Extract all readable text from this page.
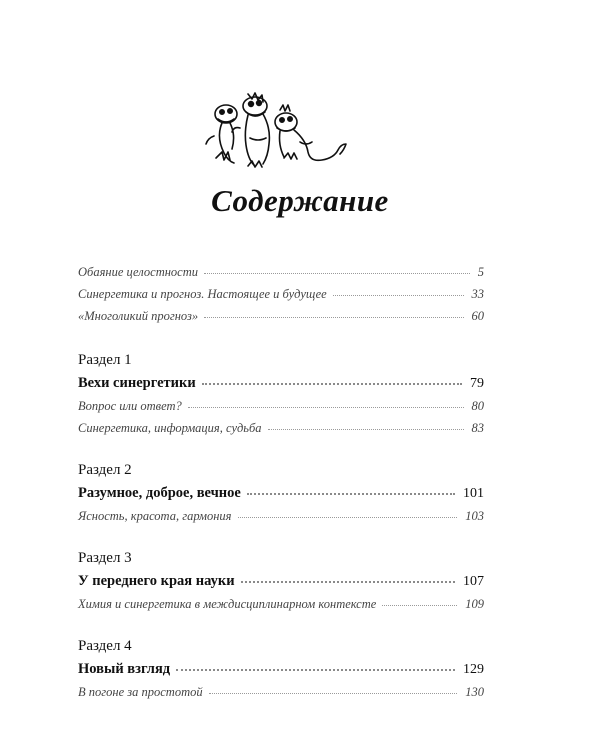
Содержание
Обаяние целостности	5
Синергетика и прогноз. Настоящее и будущее	33
«Многоликий прогноз»	60
Раздел 1
Вехи синергетики	79
Вопрос или ответ?	80
Синергетика, информация, судьба	83
Раздел 2
Разумное, доброе, вечное	101
Ясность, красота, гармония	103
Раздел 3
У переднего края науки	107
Химия и синергетика в междисциплинарном контексте	109
Раздел 4
Новый взгляд	129
В погоне за простотой	130
